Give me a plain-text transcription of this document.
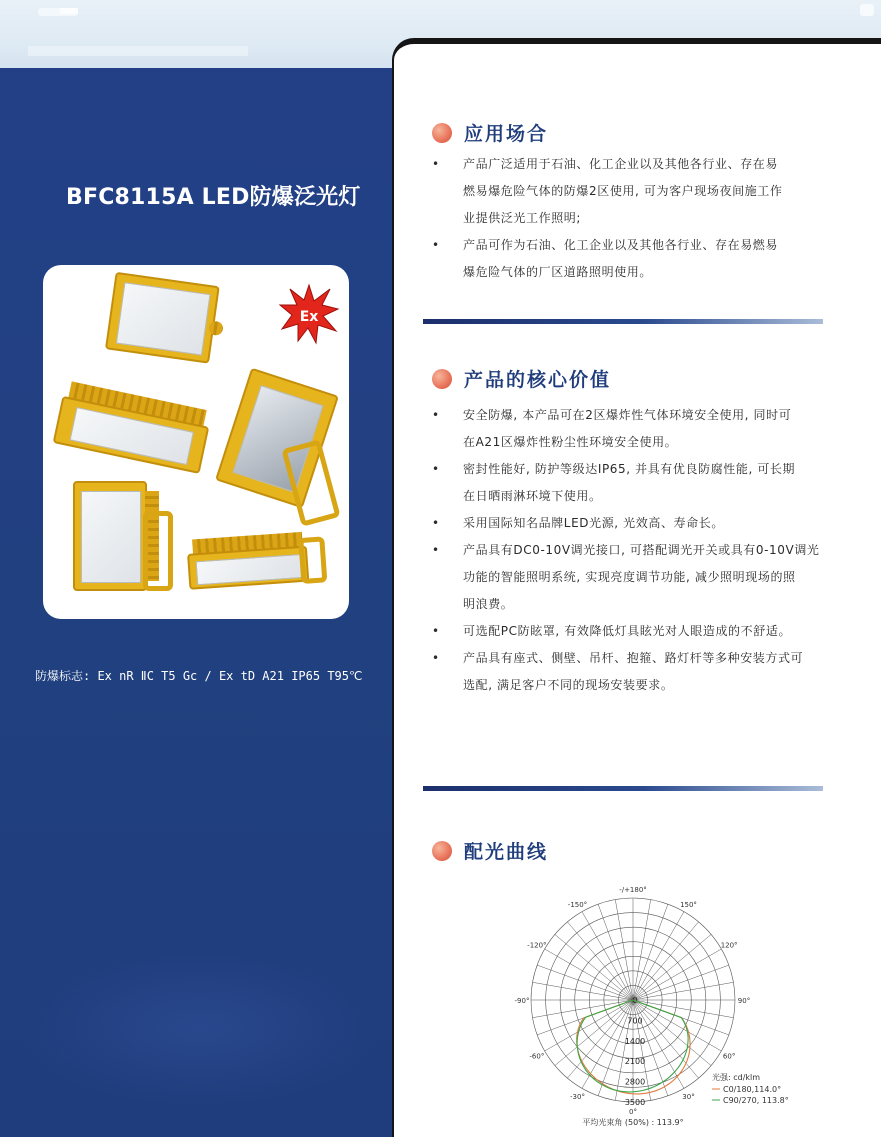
BFC8115A LED防爆泛光灯
Ex
防爆标志: Ex nR ⅡC T5 Gc / Ex tD A21 IP65 T95℃
应用场合
• 产品广泛适用于石油、化工企业以及其他各行业、存在易
燃易爆危险气体的防爆2区使用, 可为客户现场夜间施工作
业提供泛光工作照明;
• 产品可作为石油、化工企业以及其他各行业、存在易燃易
爆危险气体的厂区道路照明使用。
产品的核心价值
• 安全防爆, 本产品可在2区爆炸性气体环境安全使用, 同时可
在A21区爆炸性粉尘性环境安全使用。
• 密封性能好, 防护等级达IP65, 并具有优良防腐性能, 可长期
在日晒雨淋环境下使用。
• 采用国际知名品牌LED光源, 光效高、寿命长。
• 产品具有DC0-10V调光接口, 可搭配调光开关或具有0-10V调光
功能的智能照明系统, 实现亮度调节功能, 减少照明现场的照
明浪费。
• 可选配PC防眩罩, 有效降低灯具眩光对人眼造成的不舒适。
• 产品具有座式、侧壁、吊杆、抱箍、路灯杆等多种安装方式可
选配, 满足客户不同的现场安装要求。
配光曲线
-/+180°
-150°	150°
-120°	120°
-90°	90°
-60°	60°
-30°	30°
0°
0
700
1400
2100
2800
3500
光强: cd/klm
C0/180,114.0°
C90/270, 113.8°
平均光束角 (50%) : 113.9°
